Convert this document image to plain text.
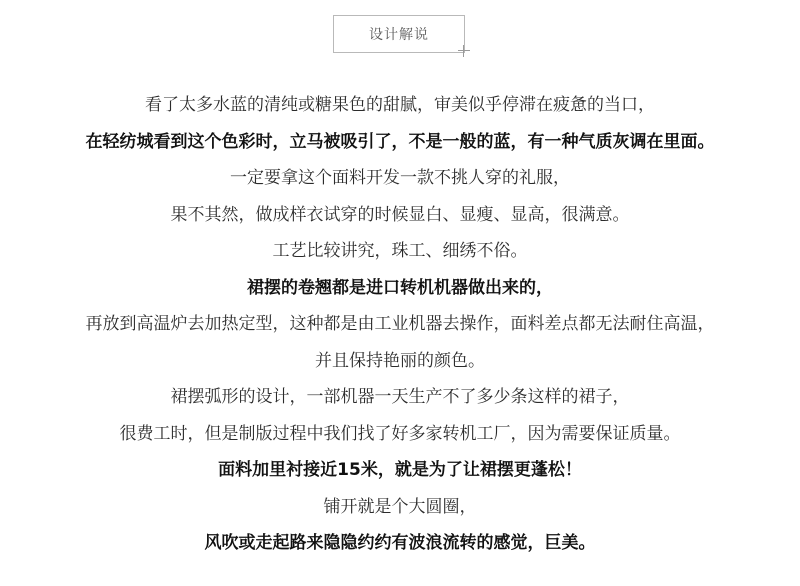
设计解说
看了太多水蓝的清纯或糖果色的甜腻，审美似乎停滞在疲惫的当口，
在轻纺城看到这个色彩时，立马被吸引了，不是一般的蓝，有一种气质灰调在里面。
一定要拿这个面料开发一款不挑人穿的礼服，
果不其然，做成样衣试穿的时候显白、显瘦、显高，很满意。
工艺比较讲究，珠工、细绣不俗。
裙摆的卷翘都是进口转机机器做出来的，
再放到高温炉去加热定型，这种都是由工业机器去操作，面料差点都无法耐住高温，
并且保持艳丽的颜色。
裙摆弧形的设计，一部机器一天生产不了多少条这样的裙子，
很费工时，但是制版过程中我们找了好多家转机工厂，因为需要保证质量。
面料加里衬接近15米，就是为了让裙摆更蓬松！
铺开就是个大圆圈，
风吹或走起路来隐隐约约有波浪流转的感觉，巨美。
